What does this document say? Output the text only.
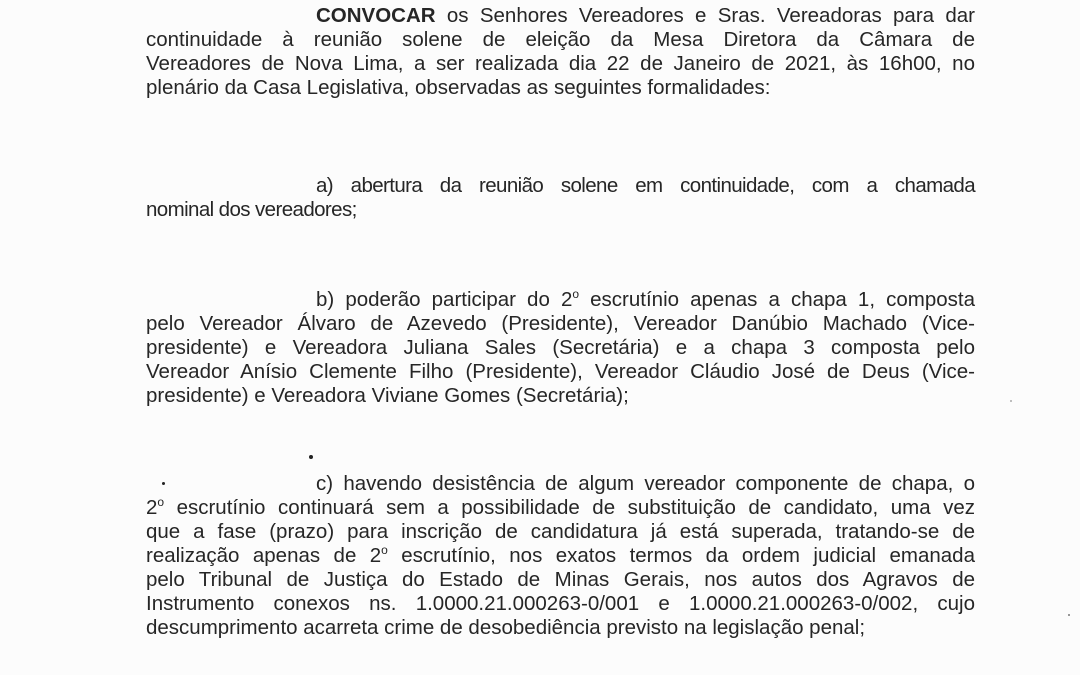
CONVOCAR os Senhores Vereadores e Sras. Vereadoras para dar
continuidade à reunião solene de eleição da Mesa Diretora da Câmara de
Vereadores de Nova Lima, a ser realizada dia 22 de Janeiro de 2021, às 16h00, no
plenário da Casa Legislativa, observadas as seguintes formalidades:
a) abertura da reunião solene em continuidade, com a chamada
nominal dos vereadores;
b) poderão participar do 2$^o$ escrutínio apenas a chapa 1, composta
pelo Vereador Álvaro de Azevedo (Presidente), Vereador Danúbio Machado (Vice-
presidente) e Vereadora Juliana Sales (Secretária) e a chapa 3 composta pelo
Vereador Anísio Clemente Filho (Presidente), Vereador Cláudio José de Deus (Vice-
presidente) e Vereadora Viviane Gomes (Secretária);
c) havendo desistência de algum vereador componente de chapa, o
2$^o$ escrutínio continuará sem a possibilidade de substituição de candidato, uma vez
que a fase (prazo) para inscrição de candidatura já está superada, tratando-se de
realização apenas de 2$^o$ escrutínio, nos exatos termos da ordem judicial emanada
pelo Tribunal de Justiça do Estado de Minas Gerais, nos autos dos Agravos de
Instrumento conexos ns. 1.0000.21.000263-0/001 e 1.0000.21.000263-0/002, cujo
descumprimento acarreta crime de desobediência previsto na legislação penal;
